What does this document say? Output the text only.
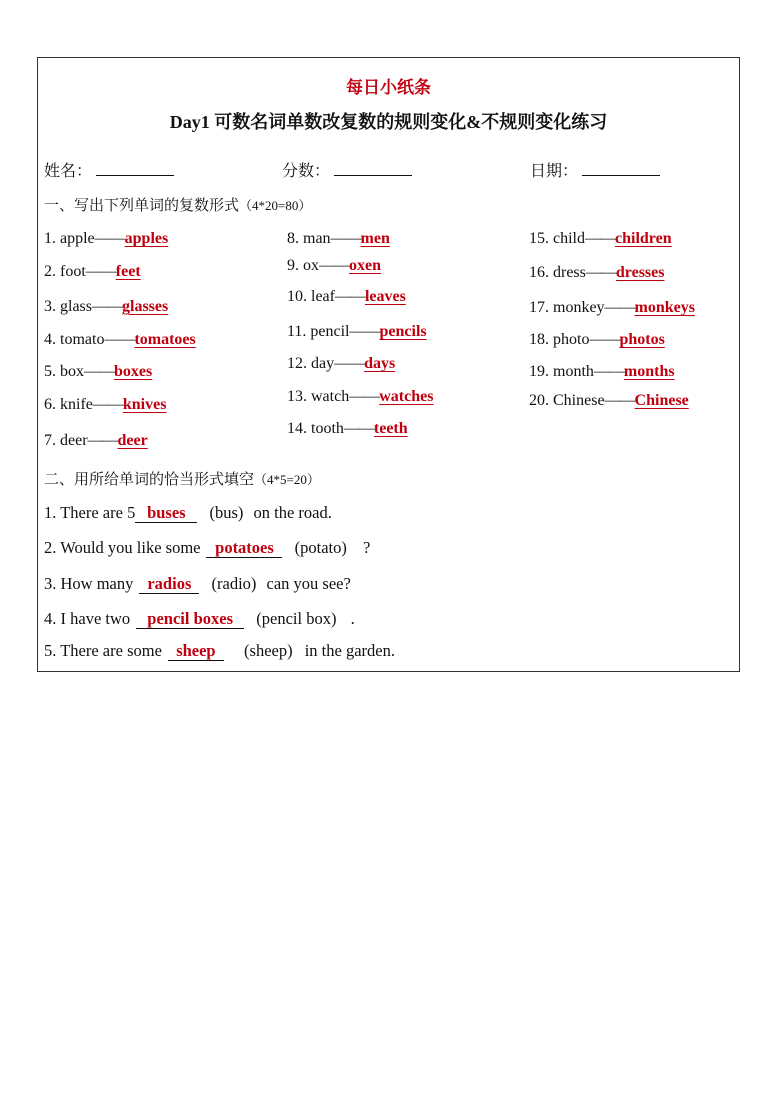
每日小纸条
Day1 可数名词单数改复数的规则变化&不规则变化练习
姓名：	分数：	日期：
一、写出下列单词的复数形式（4*20=80）
1. apple——apples
2. foot——feet
3. glass——glasses
4. tomato——tomatoes
5. box——boxes
6. knife——knives
7. deer——deer
8. man——men
9. ox——oxen
10. leaf——leaves
11. pencil——pencils
12. day——days
13. watch——watches
14. tooth——teeth
15. child——children
16. dress——dresses
17. monkey——monkeys
18. photo——photos
19. month——months
20. Chinese——Chinese
二、用所给单词的恰当形式填空（4*5=20）
1. There are 5 buses (bus) on the road.
2. Would you like some potatoes (potato) ?
3. How many radios (radio) can you see?
4. I have two pencil boxes (pencil box) .
5. There are some sheep (sheep) in the garden.
